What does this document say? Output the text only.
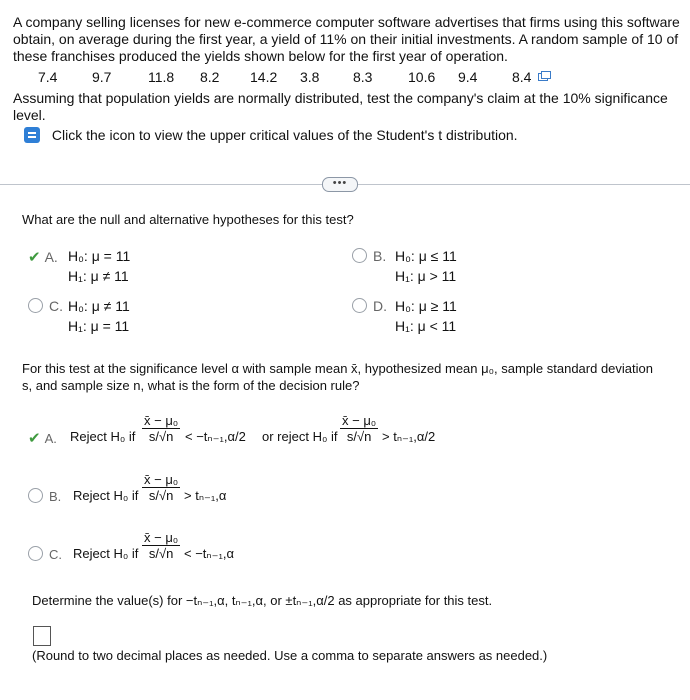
A company selling licenses for new e-commerce computer software advertises that firms using this software
obtain, on average during the first year, a yield of 11% on their initial investments. A random sample of 10 of
these franchises produced the yields shown below for the first year of operation.
7.4 9.7	11.8 8.2 14.2 3.8 8.3	10.6 9.4 8.4
Assuming that population yields are normally distributed, test the company's claim at the 10% significance
level.
Click the icon to view the upper critical values of the Student's t distribution.
•••
What are the null and alternative hypotheses for this test?
✔ A. H₀: μ = 11
H₁: μ ≠ 11
B. H₀: μ ≤ 11
H₁: μ > 11
C. H₀: μ ≠ 11
H₁: μ = 11
D. H₀: μ ≥ 11
H₁: μ < 11
For this test at the significance level α with sample mean x̄, hypothesized mean μ₀, sample standard deviation
s, and sample size n, what is the form of the decision rule?
✔ A. Reject H₀ if $\frac{\text{x̄ − μ₀}}{s/√n} < -t_{n-1},\alpha/2$ or reject H₀ if $\frac{\text{x̄ − μ₀}}{s/√n} > t_{n-1},\alpha/2$
B. Reject H₀ if $\frac{\text{x̄ − μ₀}}{s/√n} > t_{n-1},\alpha$
C. Reject H₀ if $\frac{\text{x̄ − μ₀}}{s/√n} < -t_{n-1},\alpha$
Determine the value(s) for −tₙ₋₁,α, tₙ₋₁,α, or ±tₙ₋₁,α/2 as appropriate for this test.
(Round to two decimal places as needed. Use a comma to separate answers as needed.)
